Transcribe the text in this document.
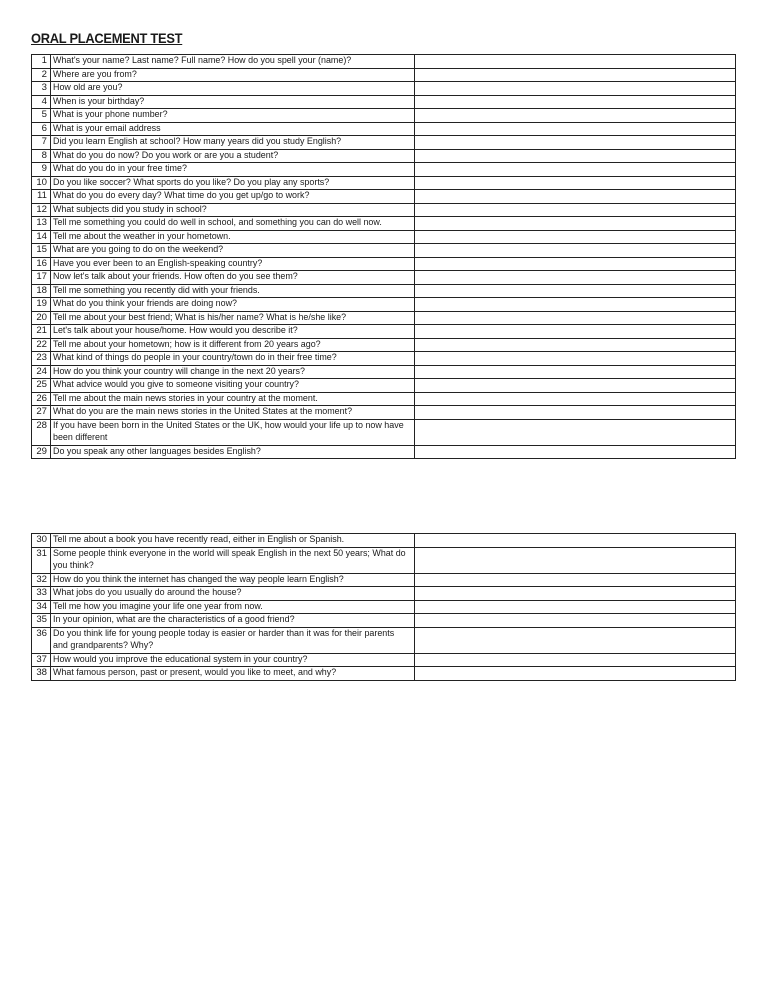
ORAL PLACEMENT TEST
1	What's your name? Last name? Full name? How do you spell your (name)?	

2	Where are you from?	

3	How old are you?	

4	When is your birthday?	

5	What is your phone number?	

6	What is your email address	

7	Did you learn English at school? How many years did you study English?	

8	What do you do now? Do you work or are you a student?	

9	What do you do in your free time?	

10	Do you like soccer? What sports do you like? Do you play any sports?	

11	What do you do every day? What time do you get up/go to work?	

12	What subjects did you study in school?	

13	Tell me something you could do well in school, and something you can do well now.	

14	Tell me about the weather in your hometown.	

15	What are you going to do on the weekend?	

16	Have you ever been to an English-speaking country?	

17	Now let's talk about your friends. How often do you see them?	

18	Tell me something you recently did with your friends.	

19	What do you think your friends are doing now?	

20	Tell me about your best friend; What is his/her name? What is he/she like?	

21	Let's talk about your house/home. How would you describe it?	

22	Tell me about your hometown; how is it different from 20 years ago?	

23	What kind of things do people in your country/town do in their free time?	

24	How do you think your country will change in the next 20 years?	

25	What advice would you give to someone visiting your country?	

26	Tell me about the main news stories in your country at the moment.	

27	What do you are the main news stories in the United States at the moment?	

28	If you have been born in the United States or the UK, how would your life up to now have been different	

29	Do you speak any other languages besides English?	

30	Tell me about a book you have recently read, either in English or Spanish.	

31	Some people think everyone in the world will speak English in the next 50 years; What do you think?	

32	How do you think the internet has changed the way people learn English?	

33	What jobs do you usually do around the house?	

34	Tell me how you imagine your life one year from now.	

35	In your opinion, what are the characteristics of a good friend?	

36	Do you think life for young people today is easier or harder than it was for their parents and grandparents? Why?	

37	How would you improve the educational system in your country?	

38	What famous person, past or present, would you like to meet, and why?	
